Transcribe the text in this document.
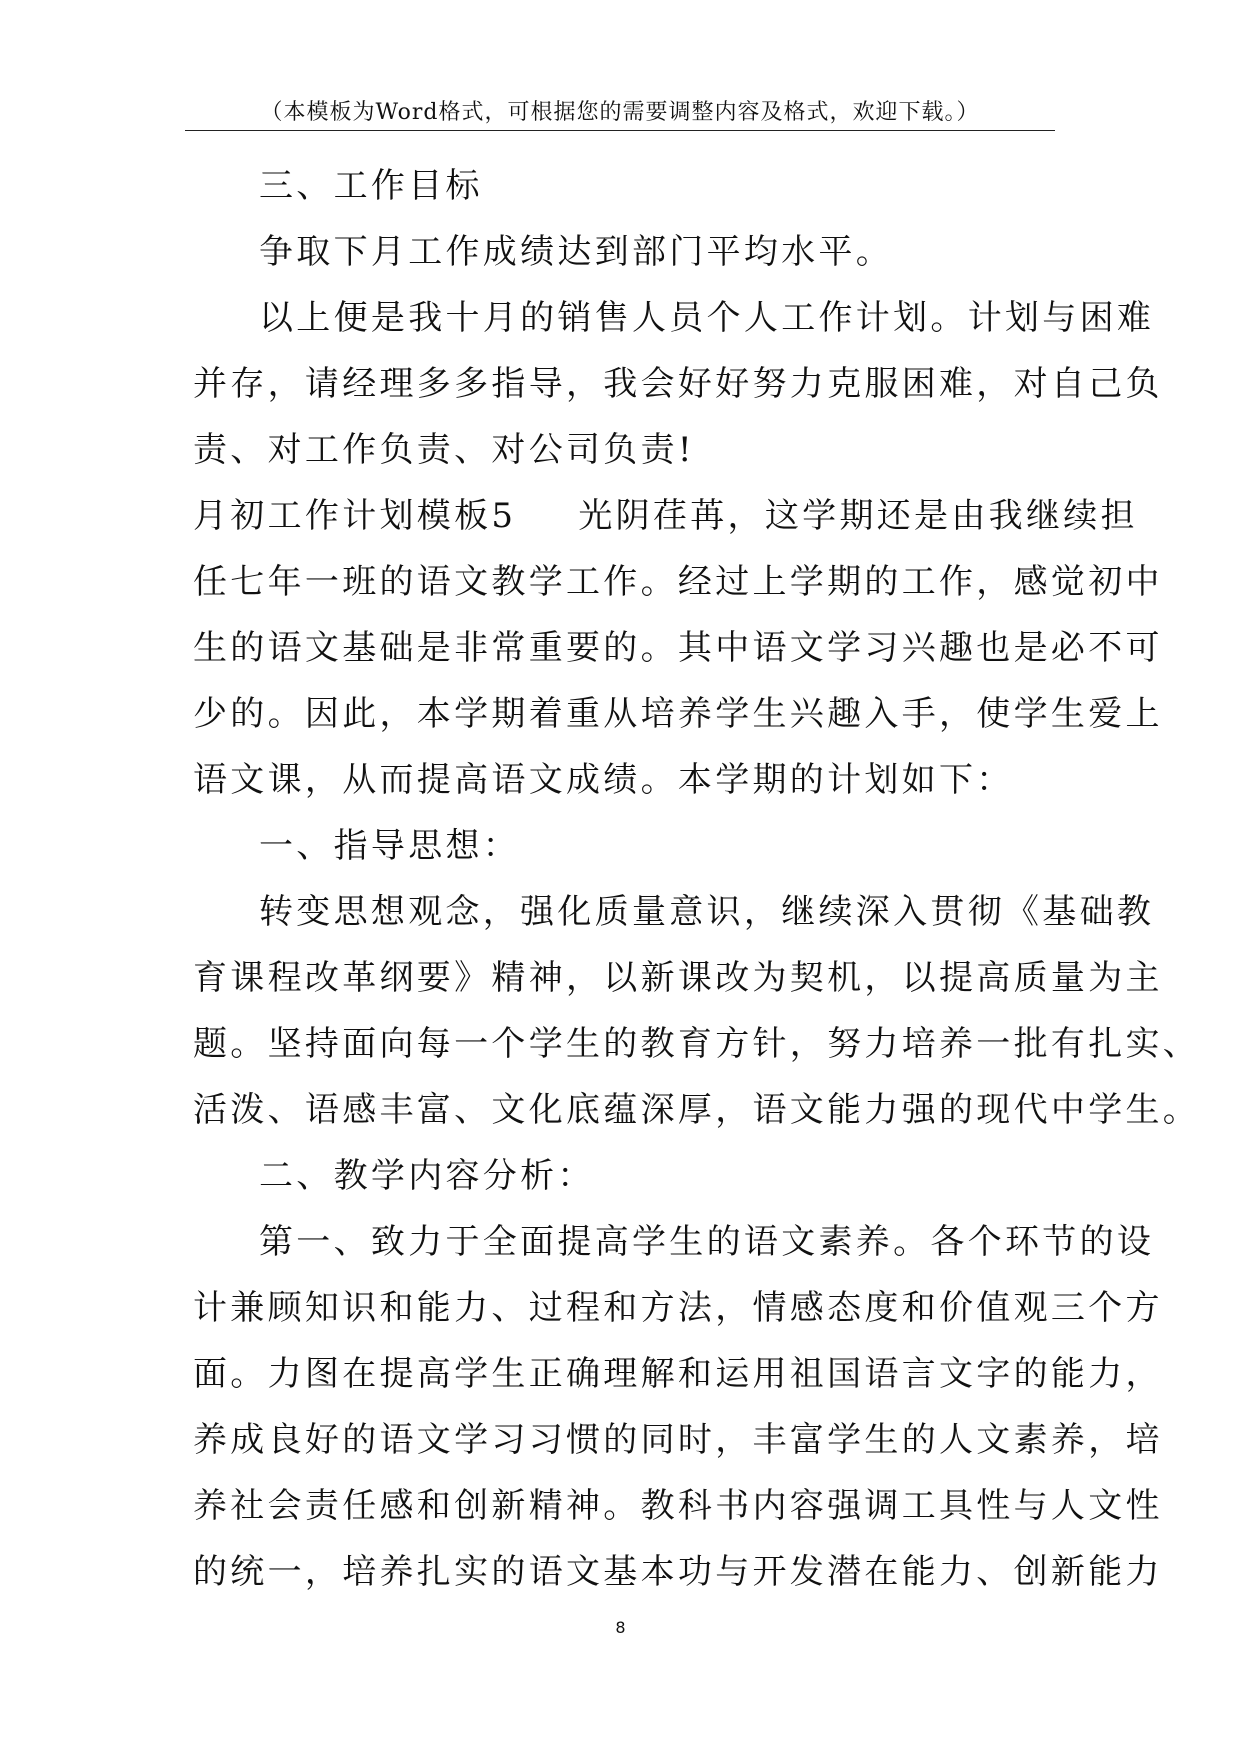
（本模板为Word格式，可根据您的需要调整内容及格式，欢迎下载。）
三、工作目标
争取下月工作成绩达到部门平均水平。
以上便是我十月的销售人员个人工作计划。计划与困难
并存，请经理多多指导，我会好好努力克服困难，对自己负
责、对工作负责、对公司负责!
月初工作计划模板5 光阴荏苒，这学期还是由我继续担
任七年一班的语文教学工作。经过上学期的工作，感觉初中
生的语文基础是非常重要的。其中语文学习兴趣也是必不可
少的。因此，本学期着重从培养学生兴趣入手，使学生爱上
语文课，从而提高语文成绩。本学期的计划如下：
一、指导思想：
转变思想观念，强化质量意识，继续深入贯彻《基础教
育课程改革纲要》精神，以新课改为契机，以提高质量为主
题。坚持面向每一个学生的教育方针，努力培养一批有扎实、
活泼、语感丰富、文化底蕴深厚，语文能力强的现代中学生。
二、教学内容分析：
第一、致力于全面提高学生的语文素养。各个环节的设
计兼顾知识和能力、过程和方法，情感态度和价值观三个方
面。力图在提高学生正确理解和运用祖国语言文字的能力，
养成良好的语文学习习惯的同时，丰富学生的人文素养，培
养社会责任感和创新精神。教科书内容强调工具性与人文性
的统一，培养扎实的语文基本功与开发潜在能力、创新能力
8
